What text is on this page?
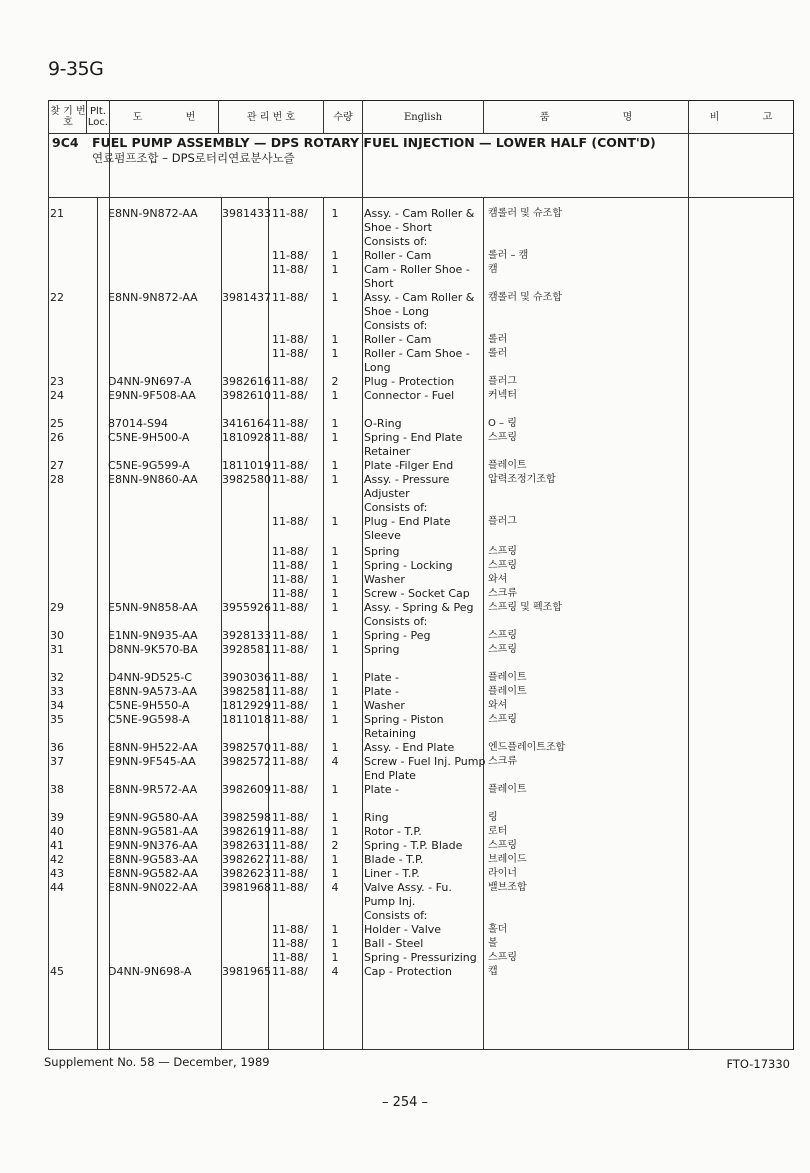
9-35G
찾 기 번 호
Plt. Loc.	도 번	관 리 번 호	수량	English	품 명	비 고
9C4 FUEL PUMP ASSEMBLY — DPS ROTARY FUEL INJECTION — LOWER HALF (CONT'D)
연료펌프조합 – DPS로터리연료분사노즐
21	E8NN-9N872-AA 3981433 11-88/	1	Assy. - Cam Roller & 캠롤러 및 슈조합
Shoe - Short
Consists of:
11-88/	1	Roller - Cam	롤러 – 캠
11-88/	1	Cam - Roller Shoe - 캠
Short
22	E8NN-9N872-AA 3981437 11-88/	1	Assy. - Cam Roller & 캠롤러 및 슈조합
Shoe - Long
Consists of:
11-88/	1	Roller - Cam	롤러
11-88/	1	Roller - Cam Shoe - 롤러
Long
23	D4NN-9N697-A	3982616 11-88/	2	Plug - Protection	플러그
24	E9NN-9F508-AA 3982610 11-88/	1	Connector - Fuel	커넥터
25	87014-S94	3416164 11-88/	1	O-Ring	O – 링
26	C5NE-9H500-A	1810928 11-88/	1	Spring - End Plate	스프링
Retainer
27	C5NE-9G599-A	1811019 11-88/	1	Plate -Filger End	플레이트
28	E8NN-9N860-AA 3982580 11-88/	1	Assy. - Pressure	압력조정기조합
Adjuster
Consists of:
11-88/	1	Plug - End Plate	플러그
Sleeve
11-88/	1	Spring	스프링
11-88/	1	Spring - Locking	스프링
11-88/	1	Washer	와셔
11-88/	1	Screw - Socket Cap 스크류
29	E5NN-9N858-AA 3955926 11-88/	1	Assy. - Spring & Peg 스프링 및 펙조합
Consists of:
30	E1NN-9N935-AA 3928133 11-88/	1	Spring - Peg	스프링
31	D8NN-9K570-BA 3928581 11-88/	1	Spring	스프링
32	D4NN-9D525-C	3903036 11-88/	1	Plate -	플레이트
33	E8NN-9A573-AA 3982581 11-88/	1	Plate -	플레이트
34	C5NE-9H550-A	1812929 11-88/	1	Washer	와셔
35	C5NE-9G598-A	1811018 11-88/	1	Spring - Piston	스프링
Retaining
36	E8NN-9H522-AA 3982570 11-88/	1	Assy. - End Plate	엔드플레이트조합
37	E9NN-9F545-AA 3982572 11-88/	4	Screw - Fuel Inj. Pump 스크류
End Plate
38	E8NN-9R572-AA 3982609 11-88/	1	Plate -	플레이트
39	E9NN-9G580-AA 3982598 11-88/	1	Ring	링
40	E8NN-9G581-AA 3982619 11-88/	1	Rotor - T.P.	로터
41	E9NN-9N376-AA 3982631 11-88/	2	Spring - T.P. Blade	스프링
42	E8NN-9G583-AA 3982627 11-88/	1	Blade - T.P.	브레이드
43	E8NN-9G582-AA 3982623 11-88/	1	Liner - T.P.	라이너
44	E8NN-9N022-AA 3981968 11-88/	4	Valve Assy. - Fu.	밸브조합
Pump Inj.
Consists of:
11-88/	1	Holder - Valve	홀더
11-88/	1	Ball - Steel	볼
11-88/	1	Spring - Pressurizing 스프링
45	D4NN-9N698-A	3981965 11-88/	4	Cap - Protection	캡
Supplement No. 58 — December, 1989	FTO-17330
– 254 –
